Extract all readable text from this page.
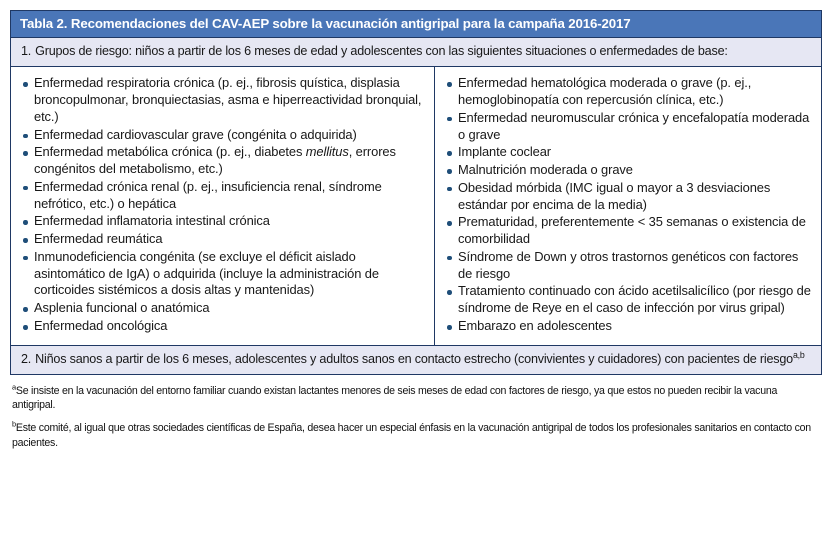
Tabla 2. Recomendaciones del CAV-AEP sobre la vacunación antigripal para la campaña 2016-2017
1. Grupos de riesgo: niños a partir de los 6 meses de edad y adolescentes con las siguientes situaciones o enfermedades de base:
Enfermedad respiratoria crónica (p. ej., fibrosis quística, displasia broncopulmonar, bronquiectasias, asma e hiperreactividad bronquial, etc.)
Enfermedad cardiovascular grave (congénita o adquirida)
Enfermedad metabólica crónica (p. ej., diabetes mellitus, errores congénitos del metabolismo, etc.)
Enfermedad crónica renal (p. ej., insuficiencia renal, síndrome nefrótico, etc.) o hepática
Enfermedad inflamatoria intestinal crónica
Enfermedad reumática
Inmunodeficiencia congénita (se excluye el déficit aislado asintomático de IgA) o adquirida (incluye la administración de corticoides sistémicos a dosis altas y mantenidas)
Asplenia funcional o anatómica
Enfermedad oncológica
Enfermedad hematológica moderada o grave (p. ej., hemoglobinopatía con repercusión clínica, etc.)
Enfermedad neuromuscular crónica y encefalopatía moderada o grave
Implante coclear
Malnutrición moderada o grave
Obesidad mórbida (IMC igual o mayor a 3 desviaciones estándar por encima de la media)
Prematuridad, preferentemente < 35 semanas o existencia de comorbilidad
Síndrome de Down y otros trastornos genéticos con factores de riesgo
Tratamiento continuado con ácido acetilsalicílico (por riesgo de síndrome de Reye en el caso de infección por virus gripal)
Embarazo en adolescentes
2. Niños sanos a partir de los 6 meses, adolescentes y adultos sanos en contacto estrecho (convivientes y cuidadores) con pacientes de riesgo$^{a,b}$
$^a$Se insiste en la vacunación del entorno familiar cuando existan lactantes menores de seis meses de edad con factores de riesgo, ya que estos no pueden recibir la vacuna antigripal.
$^b$Este comité, al igual que otras sociedades científicas de España, desea hacer un especial énfasis en la vacunación antigripal de todos los profesionales sanitarios en contacto con pacientes.
